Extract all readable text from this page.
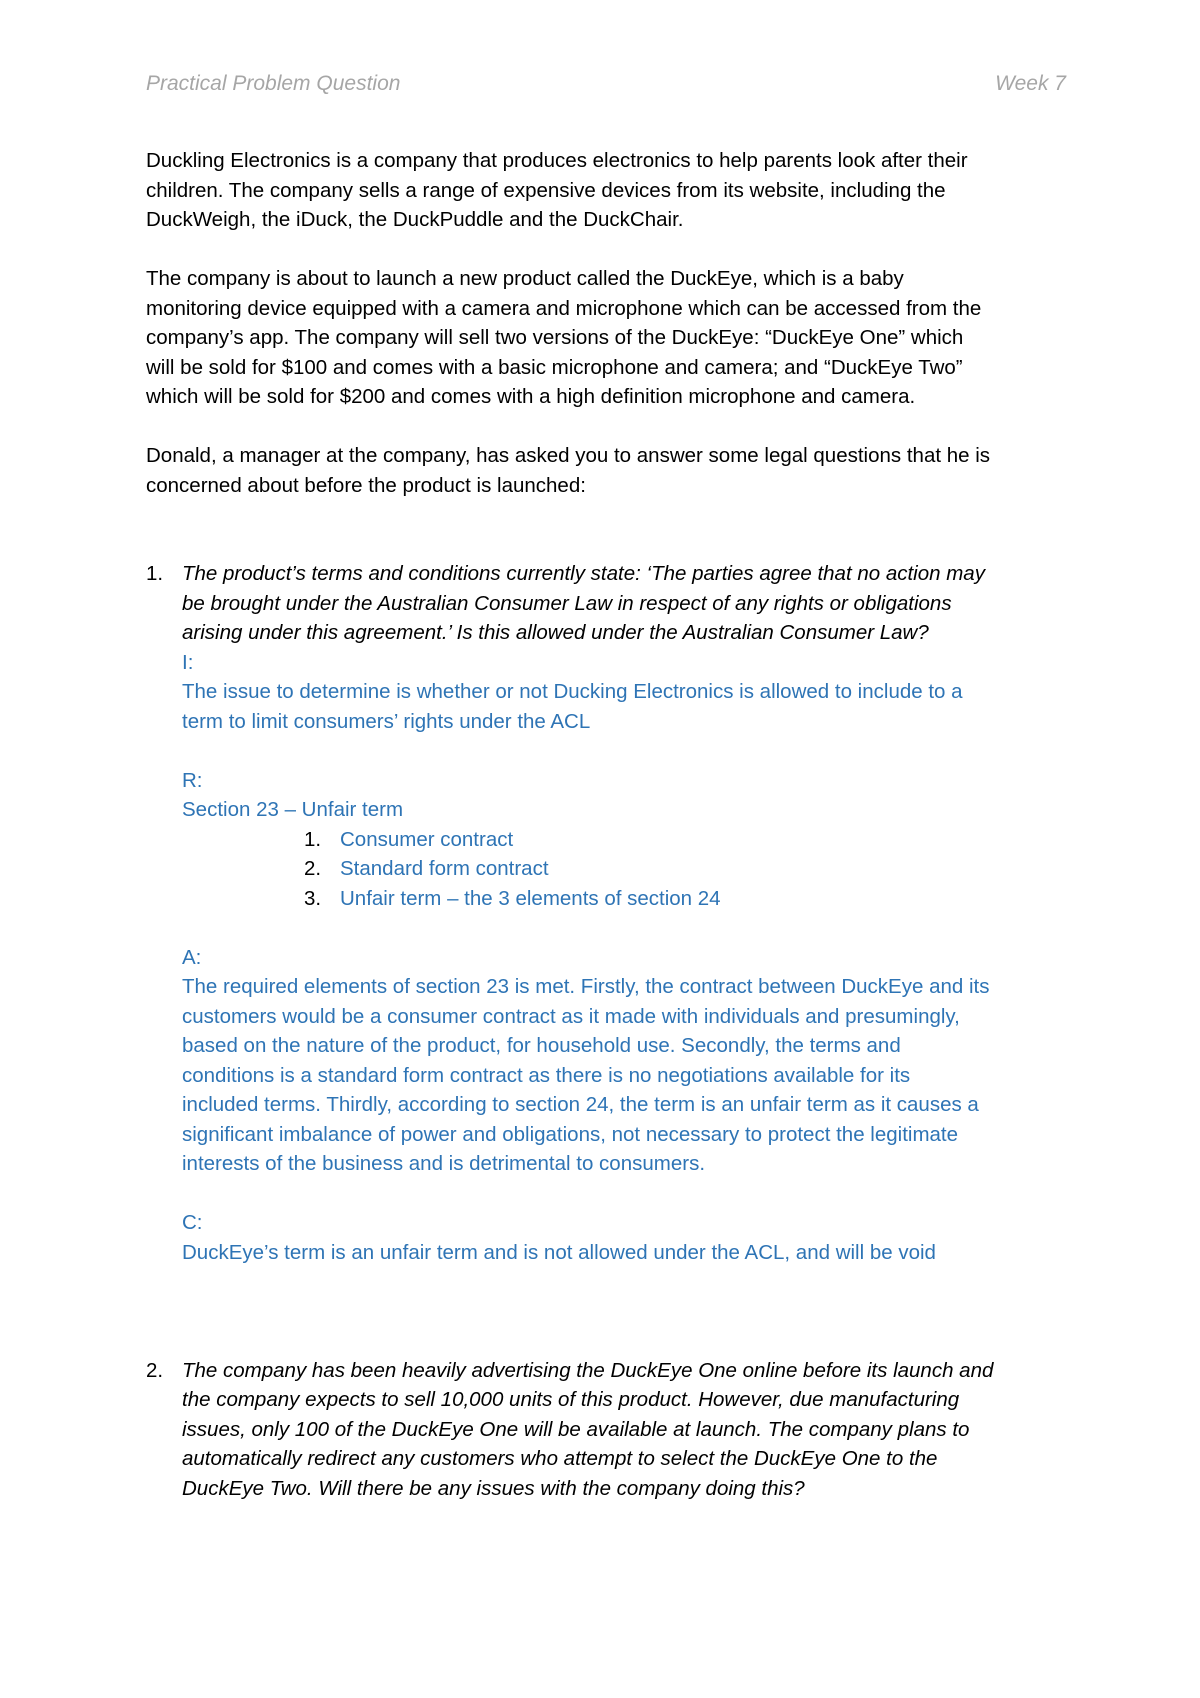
Practical Problem Question	Week 7

Duckling Electronics is a company that produces electronics to help parents look after their
children. The company sells a range of expensive devices from its website, including the
DuckWeigh, the iDuck, the DuckPuddle and the DuckChair.

The company is about to launch a new product called the DuckEye, which is a baby
monitoring device equipped with a camera and microphone which can be accessed from the
company’s app. The company will sell two versions of the DuckEye: “DuckEye One” which
will be sold for $100 and comes with a basic microphone and camera; and “DuckEye Two”
which will be sold for $200 and comes with a high definition microphone and camera.

Donald, a manager at the company, has asked you to answer some legal questions that he is
concerned about before the product is launched:

1. The product’s terms and conditions currently state: ‘The parties agree that no action may
be brought under the Australian Consumer Law in respect of any rights or obligations
arising under this agreement.’ Is this allowed under the Australian Consumer Law?

I:

The issue to determine is whether or not Ducking Electronics is allowed to include to a
term to limit consumers’ rights under the ACL

R:

Section 23 – Unfair term

1. Consumer contract
2. Standard form contract
3. Unfair term – the 3 elements of section 24

A:

The required elements of section 23 is met. Firstly, the contract between DuckEye and its
customers would be a consumer contract as it made with individuals and presumingly,
based on the nature of the product, for household use. Secondly, the terms and
conditions is a standard form contract as there is no negotiations available for its
included terms. Thirdly, according to section 24, the term is an unfair term as it causes a
significant imbalance of power and obligations, not necessary to protect the legitimate
interests of the business and is detrimental to consumers.

C:

DuckEye’s term is an unfair term and is not allowed under the ACL, and will be void

2. The company has been heavily advertising the DuckEye One online before its launch and
the company expects to sell 10,000 units of this product. However, due manufacturing
issues, only 100 of the DuckEye One will be available at launch. The company plans to
automatically redirect any customers who attempt to select the DuckEye One to the
DuckEye Two. Will there be any issues with the company doing this?
